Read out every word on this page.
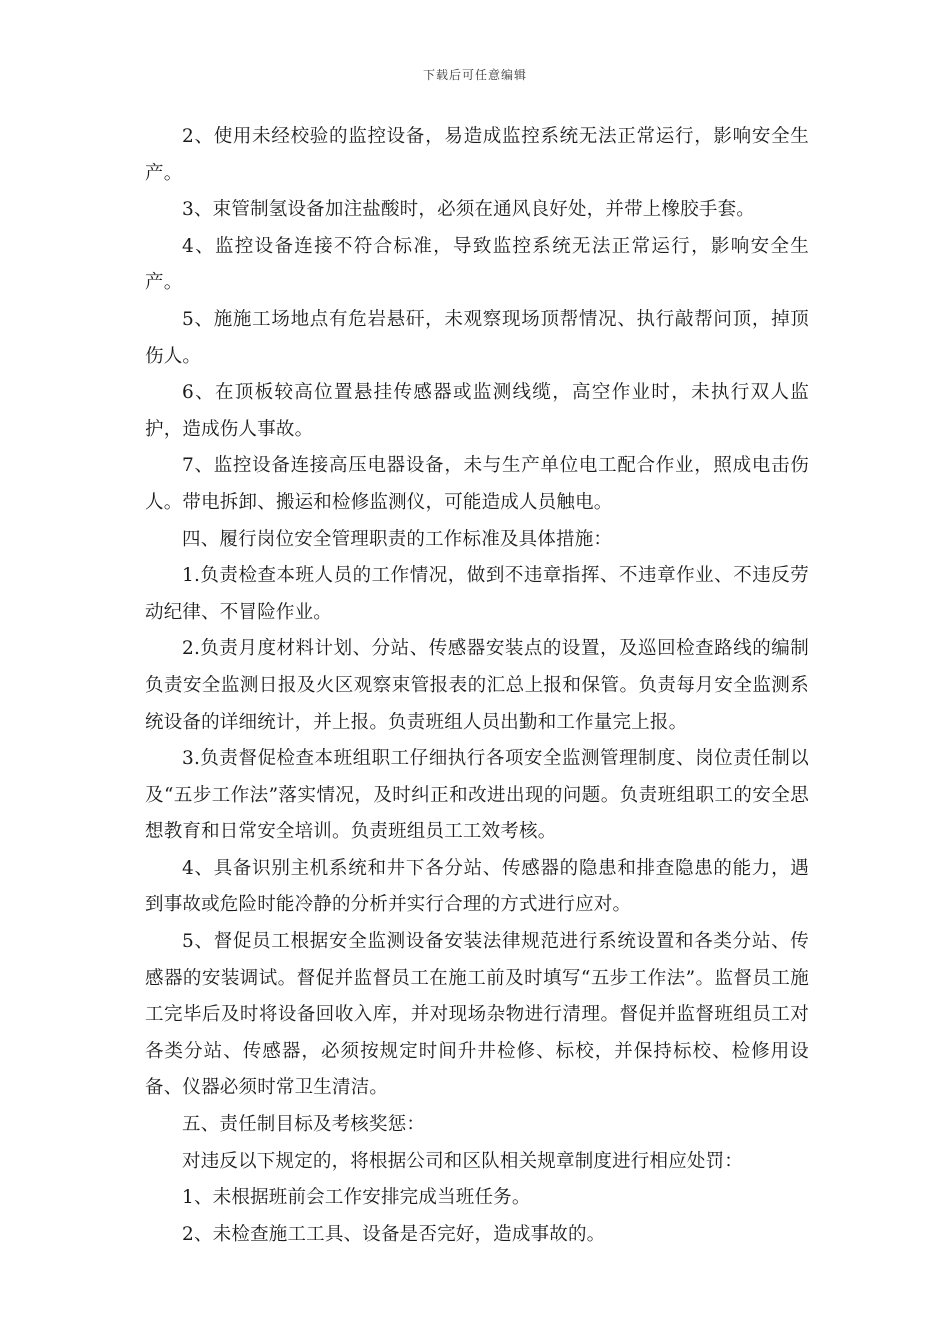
下载后可任意编辑

2、使用未经校验的监控设备，易造成监控系统无法正常运行，影响安全生产。

3、束管制氢设备加注盐酸时，必须在通风良好处，并带上橡胶手套。

4、监控设备连接不符合标准，导致监控系统无法正常运行，影响安全生产。

5、施施工场地点有危岩悬矸，未观察现场顶帮情况、执行敲帮问顶，掉顶伤人。

6、在顶板较高位置悬挂传感器或监测线缆，高空作业时，未执行双人监护，造成伤人事故。

7、监控设备连接高压电器设备，未与生产单位电工配合作业，照成电击伤人。带电拆卸、搬运和检修监测仪，可能造成人员触电。

四、履行岗位安全管理职责的工作标准及具体措施：

1.负责检查本班人员的工作情况，做到不违章指挥、不违章作业、不违反劳动纪律、不冒险作业。

2.负责月度材料计划、分站、传感器安装点的设置，及巡回检查路线的编制负责安全监测日报及火区观察束管报表的汇总上报和保管。负责每月安全监测系统设备的详细统计，并上报。负责班组人员出勤和工作量完上报。

3.负责督促检查本班组职工仔细执行各项安全监测管理制度、岗位责任制以及“五步工作法”落实情况，及时纠正和改进出现的问题。负责班组职工的安全思想教育和日常安全培训。负责班组员工工效考核。

4、具备识别主机系统和井下各分站、传感器的隐患和排查隐患的能力，遇到事故或危险时能冷静的分析并实行合理的方式进行应对。

5、督促员工根据安全监测设备安装法律规范进行系统设置和各类分站、传感器的安装调试。督促并监督员工在施工前及时填写“五步工作法”。监督员工施工完毕后及时将设备回收入库，并对现场杂物进行清理。督促并监督班组员工对各类分站、传感器，必须按规定时间升井检修、标校，并保持标校、检修用设备、仪器必须时常卫生清洁。

五、责任制目标及考核奖惩：

对违反以下规定的，将根据公司和区队相关规章制度进行相应处罚：

1、未根据班前会工作安排完成当班任务。

2、未检查施工工具、设备是否完好，造成事故的。
